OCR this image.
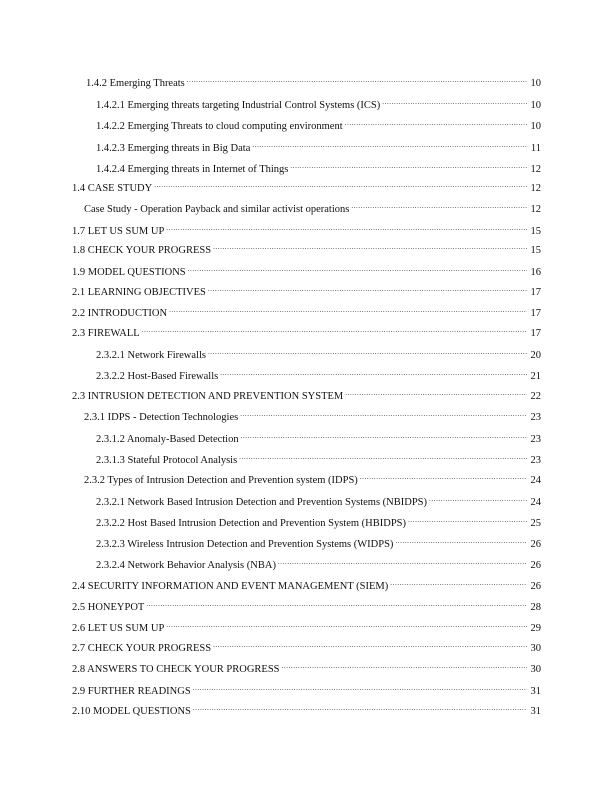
1.4.2 Emerging Threats .....	10
1.4.2.1 Emerging threats targeting Industrial Control Systems (ICS) .....	10
1.4.2.2 Emerging Threats to cloud computing environment .....	10
1.4.2.3 Emerging threats in Big Data .....	11
1.4.2.4 Emerging threats in Internet of Things .....	12
1.4 CASE STUDY .....	12
Case Study - Operation Payback and similar activist operations .....	12
1.7 LET US SUM UP .....	15
1.8 CHECK YOUR PROGRESS .....	15
1.9 MODEL QUESTIONS .....	16
2.1 LEARNING OBJECTIVES .....	17
2.2 INTRODUCTION .....	17
2.3 FIREWALL .....	17
2.3.2.1 Network Firewalls .....	20
2.3.2.2 Host-Based Firewalls .....	21
2.3 INTRUSION DETECTION AND PREVENTION SYSTEM .....	22
2.3.1 IDPS - Detection Technologies .....	23
2.3.1.2 Anomaly-Based Detection .....	23
2.3.1.3 Stateful Protocol Analysis .....	23
2.3.2 Types of Intrusion Detection and Prevention system (IDPS) .....	24
2.3.2.1 Network Based Intrusion Detection and Prevention Systems (NBIDPS) .....	24
2.3.2.2 Host Based Intrusion Detection and Prevention System (HBIDPS) .....	25
2.3.2.3 Wireless Intrusion Detection and Prevention Systems (WIDPS) .....	26
2.3.2.4 Network Behavior Analysis (NBA) .....	26
2.4 SECURITY INFORMATION AND EVENT MANAGEMENT (SIEM) .....	26
2.5 HONEYPOT .....	28
2.6 LET US SUM UP .....	29
2.7 CHECK YOUR PROGRESS .....	30
2.8 ANSWERS TO CHECK YOUR PROGRESS .....	30
2.9 FURTHER READINGS .....	31
2.10 MODEL QUESTIONS .....	31
